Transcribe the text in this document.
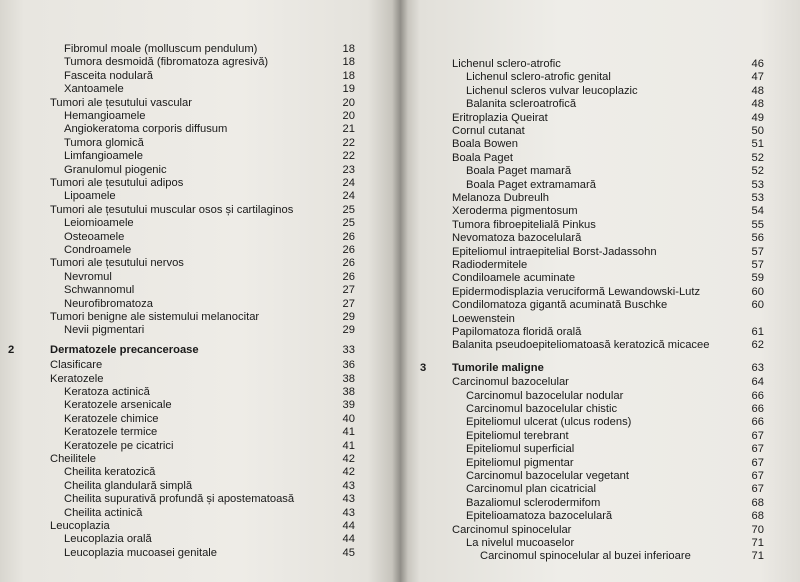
Fibromul moale (molluscum pendulum)	18
Tumora desmoidă (fibromatoza agresivă)	18
Fasceita nodulară	18
Xantoamele	19
Tumori ale țesutului vascular	20
Hemangioamele	20
Angiokeratoma corporis diffusum	21
Tumora glomică	22
Limfangioamele	22
Granulomul piogenic	23
Tumori ale țesutului adipos	24
Lipoamele	24
Tumori ale țesutului muscular osos și cartilaginos	25
Leiomioamele	25
Osteoamele	26
Condroamele	26
Tumori ale țesutului nervos	26
Nevromul	26
Schwannomul	27
Neurofibromatoza	27
Tumori benigne ale sistemului melanocitar	29
Nevii pigmentari	29
2	Dermatozele precanceroase	33
Clasificare	36
Keratozele	38
Keratoza actinică	38
Keratozele arsenicale	39
Keratozele chimice	40
Keratozele termice	41
Keratozele pe cicatrici	41
Cheilitele	42
Cheilita keratozică	42
Cheilita glandulară simplă	43
Cheilita supurativă profundă și apostematoasă	43
Cheilita actinică	43
Leucoplazia	44
Leucoplazia orală	44
Leucoplazia mucoasei genitale	45
Lichenul sclero-atrofic	46
Lichenul sclero-atrofic genital	47
Lichenul scleros vulvar leucoplazic	48
Balanita scleroatrofică	48
Eritroplazia Queirat	49
Cornul cutanat	50
Boala Bowen	51
Boala Paget	52
Boala Paget mamară	52
Boala Paget extramamară	53
Melanoza Dubreulh	53
Xeroderma pigmentosum	54
Tumora fibroepitelială Pinkus	55
Nevomatoza bazocelulară	56
Epiteliomul intraepitelial Borst-Jadassohn	57
Radiodermitele	57
Condiloamele acuminate	59
Epidermodisplazia veruciformă Lewandowski-Lutz	60
Condilomatoza gigantă acuminată Buschke	60
Loewenstein
Papilomatoza floridă orală	61
Balanita pseudoepiteliomatoasă keratozică micacee	62
3 Tumorile maligne	63
Carcinomul bazocelular	64
Carcinomul bazocelular nodular	66
Carcinomul bazocelular chistic	66
Epiteliomul ulcerat (ulcus rodens)	66
Epiteliomul terebrant	67
Epiteliomul superficial	67
Epiteliomul pigmentar	67
Carcinomul bazocelular vegetant	67
Carcinomul plan cicatricial	67
Bazaliomul sclerodermifom	68
Epitelioamatoza bazocelulară	68
Carcinomul spinocelular	70
La nivelul mucoaselor	71
Carcinomul spinocelular al buzei inferioare	71
